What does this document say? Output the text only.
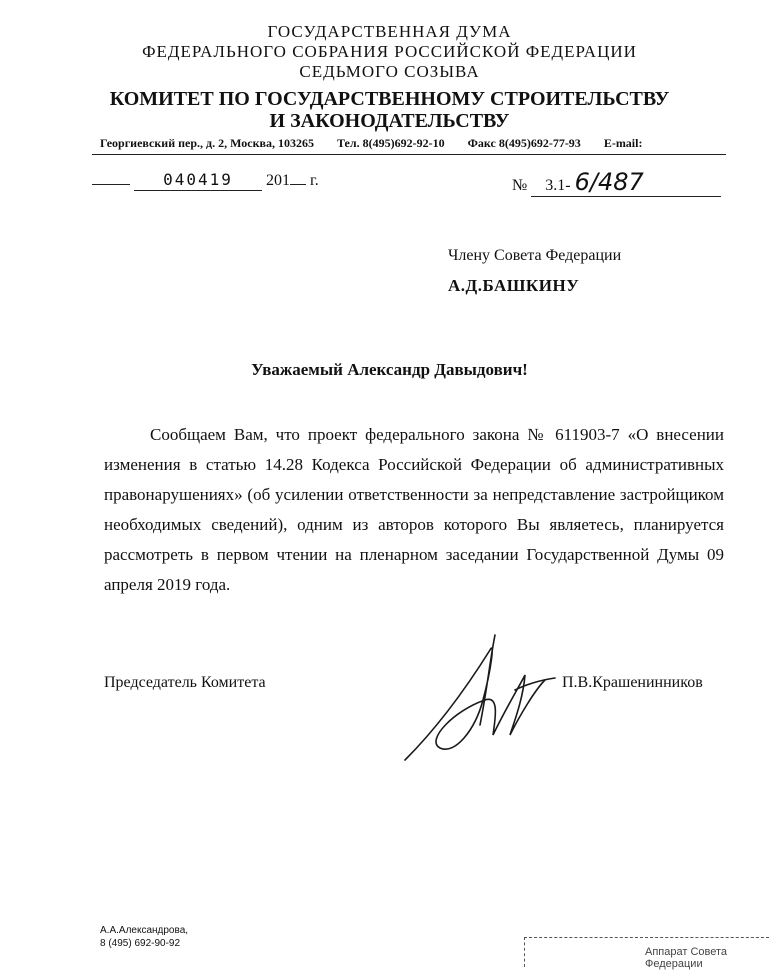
ГОСУДАРСТВЕННАЯ ДУМА
ФЕДЕРАЛЬНОГО СОБРАНИЯ РОССИЙСКОЙ ФЕДЕРАЦИИ
СЕДЬМОГО СОЗЫВА
КОМИТЕТ ПО ГОСУДАРСТВЕННОМУ СТРОИТЕЛЬСТВУ
И ЗАКОНОДАТЕЛЬСТВУ
Георгиевский пер., д. 2, Москва, 103265 Тел. 8(495)692-92-10 Факс 8(495)692-77-93 E-mail:
040419 201 г.	№ 3.1- 6/487
Члену Совета Федерации
А.Д.БАШКИНУ
Уважаемый Александр Давыдович!
Сообщаем Вам, что проект федерального закона № 611903-7 «О внесении изменения в статью 14.28 Кодекса Российской Федерации об административных правонарушениях» (об усилении ответственности за непредставление застройщиком необходимых сведений), одним из авторов которого Вы являетесь, планируется рассмотреть в первом чтении на пленарном заседании Государственной Думы 09 апреля 2019 года.
Председатель Комитета	П.В.Крашенинников
А.А.Александрова,
8 (495) 692-90-92
Аппарат Совета Федерации
